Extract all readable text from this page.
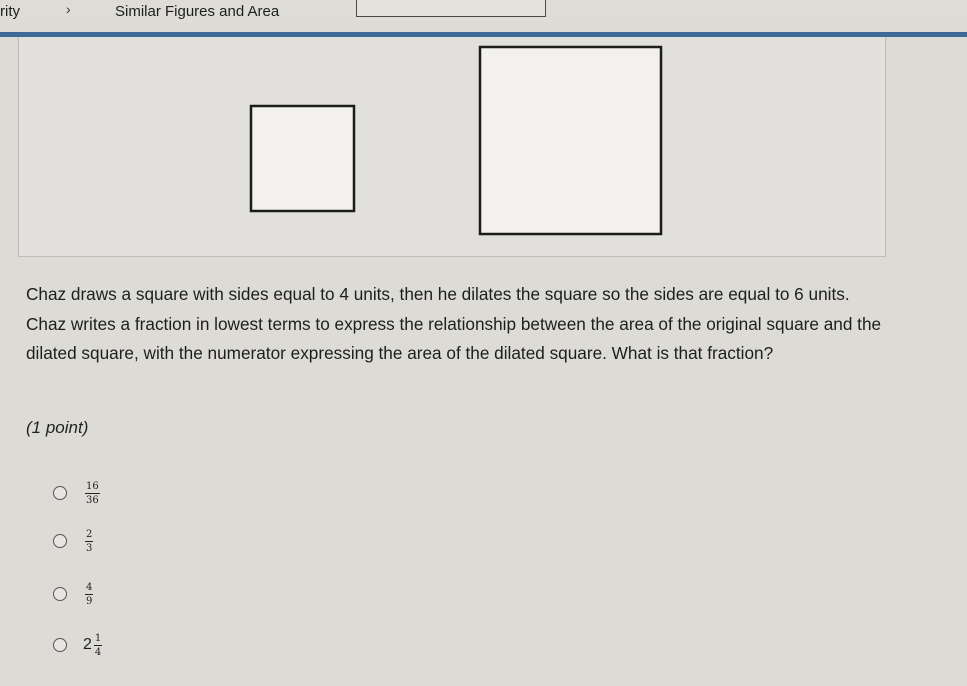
rity	›	Similar Figures and Area
Chaz draws a square with sides equal to 4 units, then he dilates the square so the sides are equal to 6 units. Chaz writes a fraction in lowest terms to express the relationship between the area of the original square and the dilated square, with the numerator expressing the area of the dilated square. What is that fraction?
(1 point)
$\frac{16}{36}$
$\frac{2}{3}$
$\frac{4}{9}$
$2 \frac{1}{4}$
